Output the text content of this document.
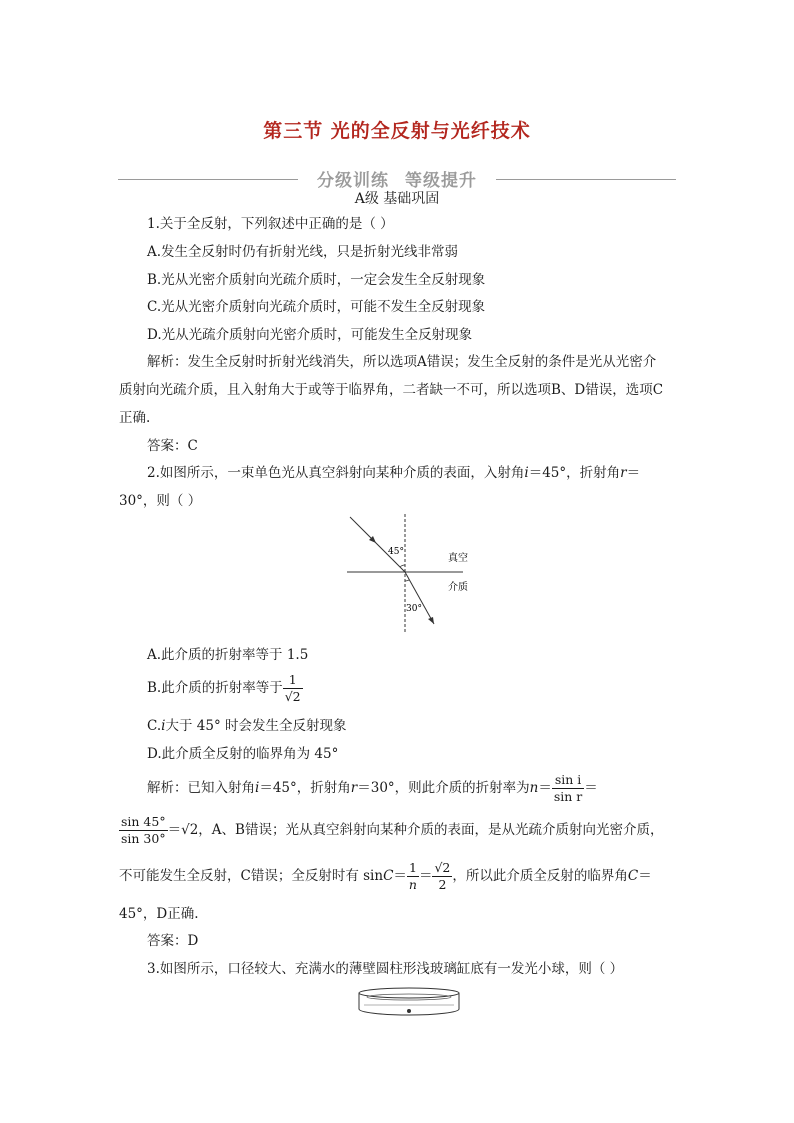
第三节 光的全反射与光纤技术
分级训练 等级提升
A级 基础巩固
1.关于全反射，下列叙述中正确的是（ ）
A.发生全反射时仍有折射光线，只是折射光线非常弱
B.光从光密介质射向光疏介质时，一定会发生全反射现象
C.光从光密介质射向光疏介质时，可能不发生全反射现象
D.光从光疏介质射向光密介质时，可能发生全反射现象
解析：发生全反射时折射光线消失，所以选项A错误；发生全反射的条件是光从光密介
质射向光疏介质，且入射角大于或等于临界角，二者缺一不可，所以选项B、D错误，选项C
正确.
答案：C
2.如图所示，一束单色光从真空斜射向某种介质的表面，入射角i＝45°，折射角r＝
30°，则（ ）
45°
30°
真空
介质
A.此介质的折射率等于 1.5
B.此介质的折射率等于 $\frac{1}{√2}$
C.i大于 45° 时会发生全反射现象
D.此介质全反射的临界角为 45°
解析：已知入射角i＝45°，折射角r＝30°，则此介质的折射率为$n= \frac{\text{sin i}}{\text{sin r}}$ ＝
$\frac{\sin 45^\circ}{\sin 30^\circ} =√2$，A、B错误；光从真空斜射向某种介质的表面，是从光疏介质射向光密介质，
不可能发生全反射，C错误；全反射时有 $\sin C= \frac{1}{n} = \frac{√2}{2}$ ，所以此介质全反射的临界角C＝
45°，D正确.
答案：D
3.如图所示，口径较大、充满水的薄壁圆柱形浅玻璃缸底有一发光小球，则（ ）
